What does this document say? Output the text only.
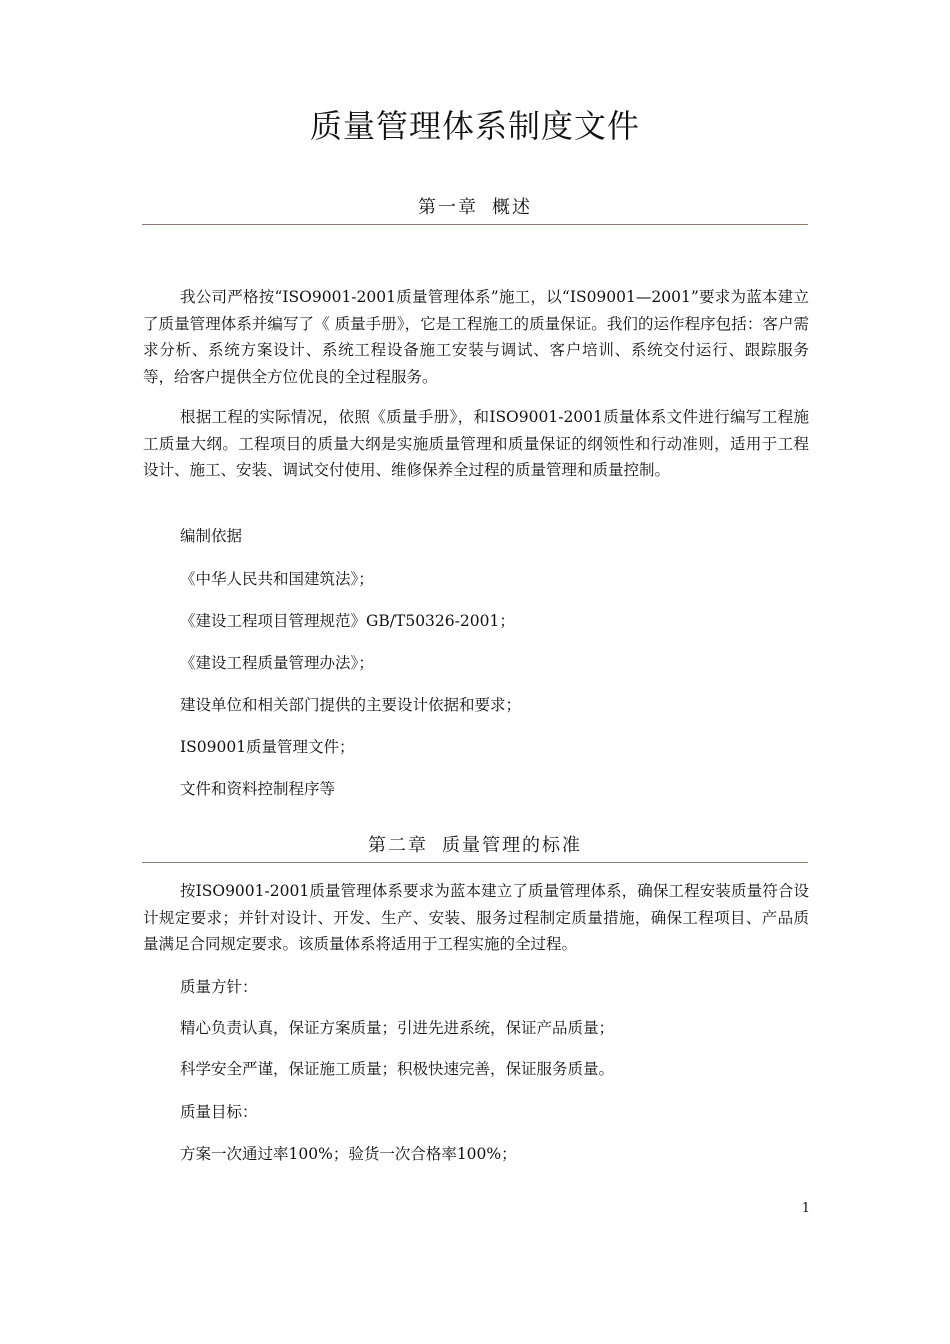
质量管理体系制度文件
第一章 概述
我公司严格按“ISO9001-2001质量管理体系”施工，以“IS09001—2001”要求为蓝本建立了质量管理体系并编写了《 质量手册》，它是工程施工的质量保证。我们的运作程序包括：客户需求分析、系统方案设计、系统工程设备施工安装与调试、客户培训、系统交付运行、跟踪服务等，给客户提供全方位优良的全过程服务。
根据工程的实际情况，依照《质量手册》，和ISO9001-2001质量体系文件进行编写工程施工质量大纲。工程项目的质量大纲是实施质量管理和质量保证的纲领性和行动准则，适用于工程设计、施工、安装、调试交付使用、维修保养全过程的质量管理和质量控制。
编制依据
《中华人民共和国建筑法》；
《建设工程项目管理规范》GB/T50326-2001；
《建设工程质量管理办法》；
建设单位和相关部门提供的主要设计依据和要求；
IS09001质量管理文件；
文件和资料控制程序等
第二章 质量管理的标准
按ISO9001-2001质量管理体系要求为蓝本建立了质量管理体系，确保工程安装质量符合设计规定要求；并针对设计、开发、生产、安装、服务过程制定质量措施，确保工程项目、产品质量满足合同规定要求。该质量体系将适用于工程实施的全过程。
质量方针：
精心负责认真，保证方案质量；引进先进系统，保证产品质量；
科学安全严谨，保证施工质量；积极快速完善，保证服务质量。
质量目标：
方案一次通过率100%；验货一次合格率100%；
1
